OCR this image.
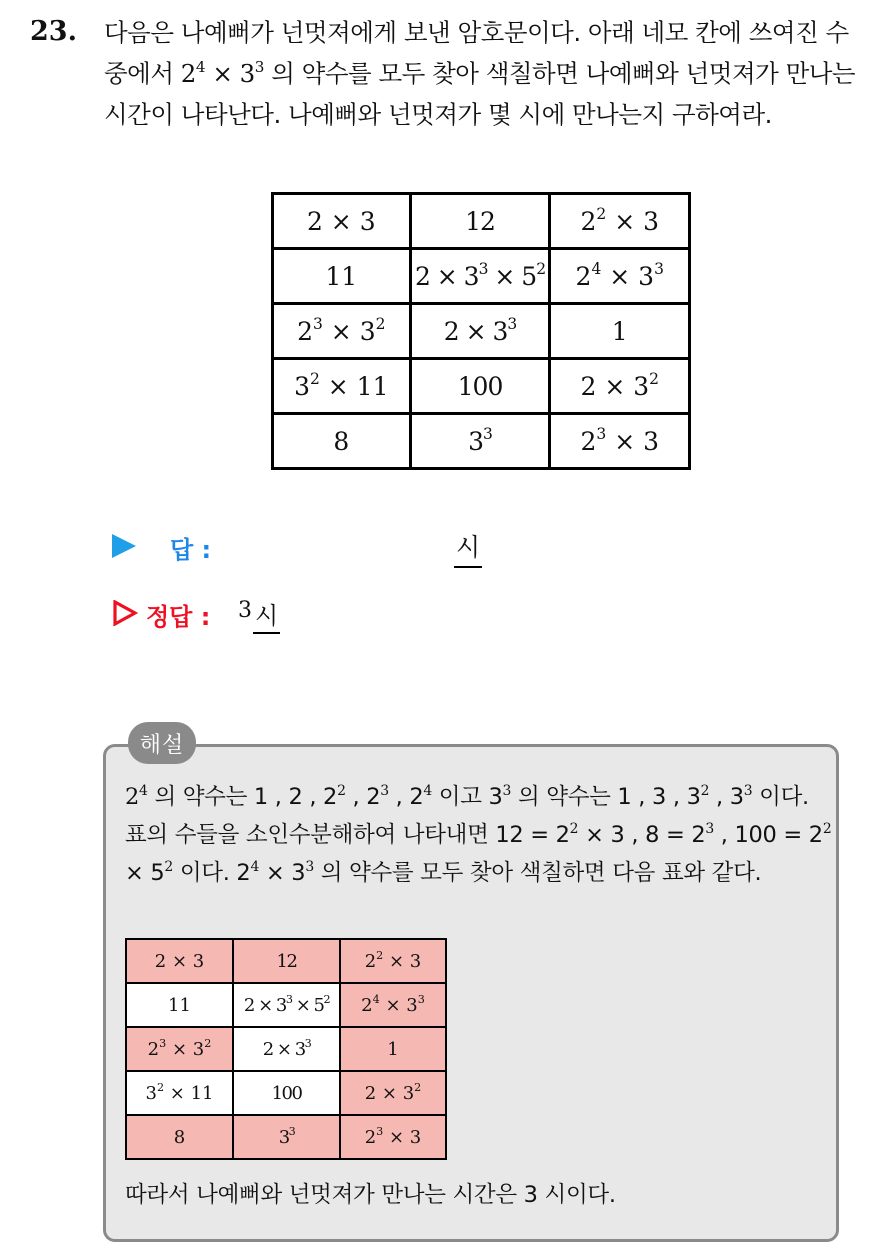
23. 다음은 나예뻐가 넌멋져에게 보낸 암호문이다. 아래 네모 칸에 쓰여진 수 중에서 $2^4 \times 3^3$ 의 약수를 모두 찾아 색칠하면 나예뻐와 넌멋져가 만나는 시간이 나타난다. 나예뻐와 넌멋져가 몇 시에 만나는지 구하여라.
2 × 3	12	$2^2 \times 3$
11	$2 \times 3^3 \times 5^2$	$2^4 \times 3^3$
$2^3 \times 3^2$	$2 \times 3^3$	1
$3^2 \times 11$	100	$2 \times 3^2$
8	$3^3$	$2^3 \times 3$
답 :	시
정답 : 3 시
해설

$2^4$ 의 약수는 1 , 2 , $2^2$ , $2^3$ , $2^4$ 이고 $3^3$ 의 약수는 1 , 3 , $3^2$ , $3^3$ 이다. 표의 수들을 소인수분해하여 나타내면 $12 = 2^2 \times 3$ , $8 = 2^3$ , $100 = 2^2 \times 5^2$ 이다. $2^4 \times 3^3$ 의 약수를 모두 찾아 색칠하면 다음 표와 같다.

2 × 3	12	$2^2 \times 3$
11	$2 \times 3^3 \times 5^2$	$2^4 \times 3^3$
$2^3 \times 3^2$	$2 \times 3^3$	1
$3^2 \times 11$	100	$2 \times 3^2$
8	$3^3$	$2^3 \times 3$

따라서 나예뻐와 넌멋져가 만나는 시간은 3 시이다.
